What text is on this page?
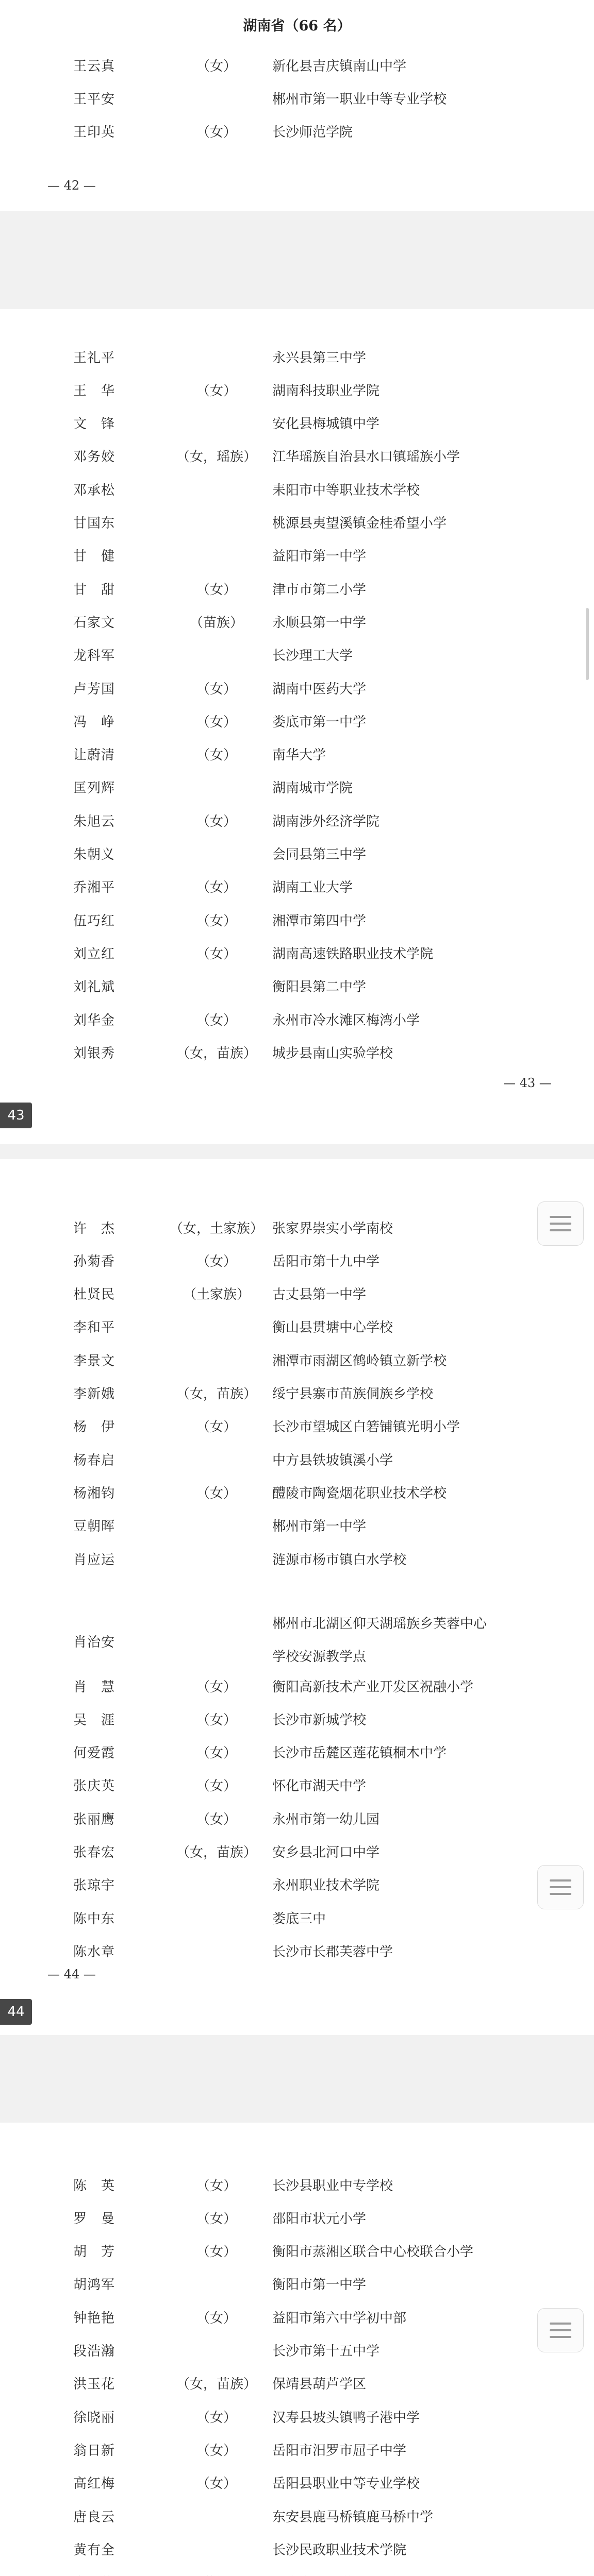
湖南省（66 名）
王云真	（女）	新化县吉庆镇南山中学
王平安	郴州市第一职业中等专业学校
王印英	（女）	长沙师范学院
— 42 —
王礼平	永兴县第三中学
王　华	（女）	湖南科技职业学院
文　锋	安化县梅城镇中学
邓务姣	（女，瑶族）	江华瑶族自治县水口镇瑶族小学
邓承松	耒阳市中等职业技术学校
甘国东	桃源县夷望溪镇金桂希望小学
甘　健	益阳市第一中学
甘　甜	（女）	津市市第二小学
石家文	（苗族）	永顺县第一中学
龙科军	长沙理工大学
卢芳国	（女）	湖南中医药大学
冯　峥	（女）	娄底市第一中学
让蔚清	（女）	南华大学
匡列辉	湖南城市学院
朱旭云	（女）	湖南涉外经济学院
朱朝义	会同县第三中学
乔湘平	（女）	湖南工业大学
伍巧红	（女）	湘潭市第四中学
刘立红	（女）	湖南高速铁路职业技术学院
刘礼斌	衡阳县第二中学
刘华金	（女）	永州市冷水滩区梅湾小学
刘银秀	（女，苗族）	城步县南山实验学校
— 43 —
43
许　杰	（女，土家族） 张家界崇实小学南校
孙菊香	（女）	岳阳市第十九中学
杜贤民	（土家族）	古丈县第一中学
李和平	衡山县贯塘中心学校
李景文	湘潭市雨湖区鹤岭镇立新学校
李新娥	（女，苗族）	绥宁县寨市苗族侗族乡学校
杨　伊	（女）	长沙市望城区白箬铺镇光明小学
杨春启	中方县铁坡镇溪小学
杨湘钧	（女）	醴陵市陶瓷烟花职业技术学校
豆朝晖	郴州市第一中学
肖应运	涟源市杨市镇白水学校
肖治安
郴州市北湖区仰天湖瑶族乡芙蓉中心
学校安源教学点
肖　慧	（女）	衡阳高新技术产业开发区祝融小学
吴　涯	（女）	长沙市新城学校
何爱霞	（女）	长沙市岳麓区莲花镇桐木中学
张庆英	（女）	怀化市湖天中学
张丽鹰	（女）	永州市第一幼儿园
张春宏	（女，苗族）	安乡县北河口中学
张琼宇	永州职业技术学院
陈中东	娄底三中
陈水章	长沙市长郡芙蓉中学
— 44 —
44
陈　英	（女）	长沙县职业中专学校
罗　曼	（女）	邵阳市状元小学
胡　芳	（女）	衡阳市蒸湘区联合中心校联合小学
胡鸿军	衡阳市第一中学
钟艳艳	（女）	益阳市第六中学初中部
段浩瀚	长沙市第十五中学
洪玉花	（女，苗族）	保靖县葫芦学区
徐晓丽	（女）	汉寿县坡头镇鸭子港中学
翁日新	（女）	岳阳市汨罗市屈子中学
高红梅	（女）	岳阳县职业中等专业学校
唐良云	东安县鹿马桥镇鹿马桥中学
黄有全	长沙民政职业技术学院
